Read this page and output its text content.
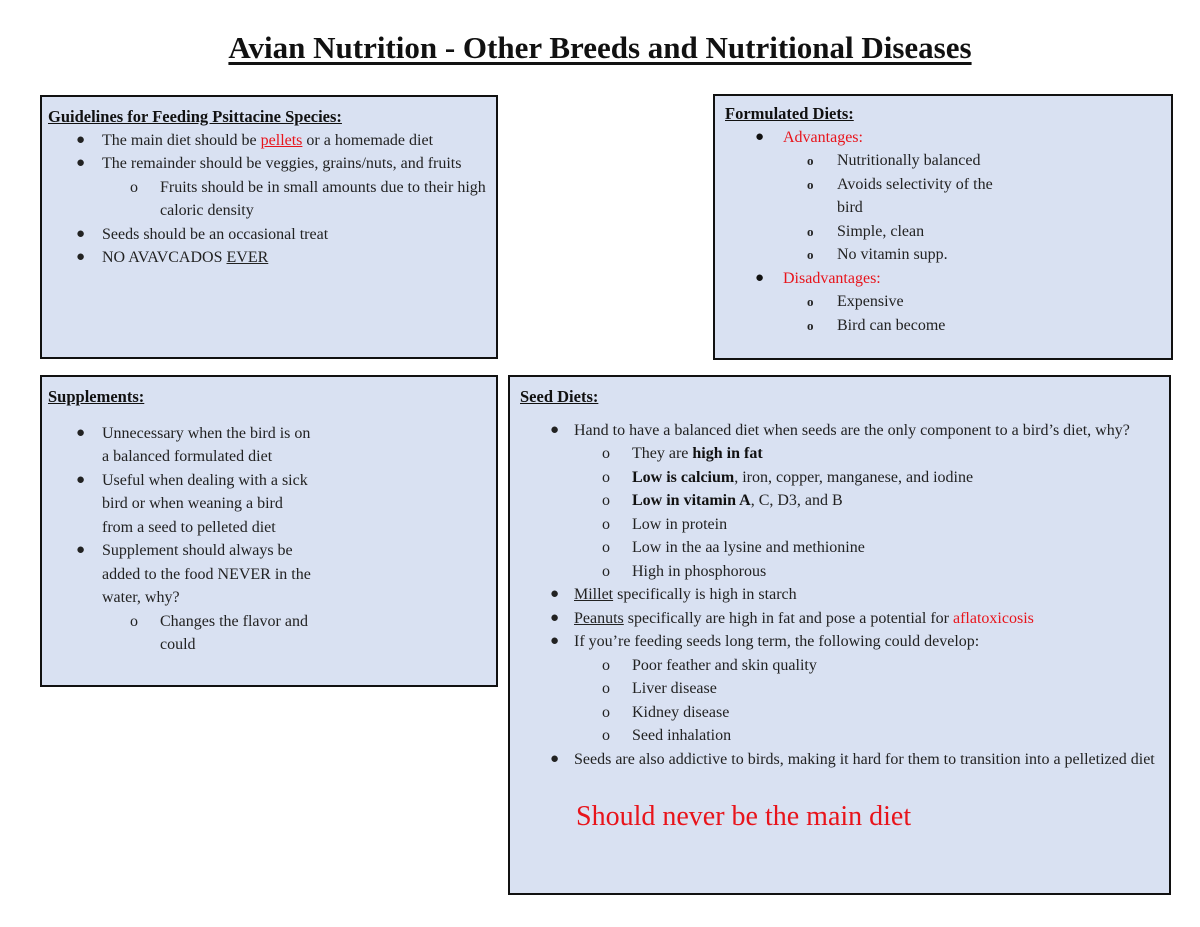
Avian Nutrition - Other Breeds and Nutritional Diseases

Guidelines for Feeding Psittacine Species:

● The main diet should be pellets or a homemade diet
● The remainder should be veggies, grains/nuts, and fruits
o Fruits should be in small amounts due to their high caloric density
● Seeds should be an occasional treat
● NO AVAVCADOS EVER

Formulated Diets:

● Advantages:
o Nutritionally balanced
o Avoids selectivity of the bird
o Simple, clean
o No vitamin supp.
● Disadvantages:
o Expensive
o Bird can become

Supplements:

● Unnecessary when the bird is on a balanced formulated diet
● Useful when dealing with a sick bird or when weaning a bird from a seed to pelleted diet
● Supplement should always be added to the food NEVER in the water, why?
o Changes the flavor and could

Seed Diets:

● Hand to have a balanced diet when seeds are the only component to a bird’s diet, why?
o They are high in fat
o Low is calcium, iron, copper, manganese, and iodine
o Low in vitamin A, C, D3, and B
o Low in protein
o Low in the aa lysine and methionine
o High in phosphorous
● Millet specifically is high in starch
● Peanuts specifically are high in fat and pose a potential for aflatoxicosis
● If you’re feeding seeds long term, the following could develop:
o Poor feather and skin quality
o Liver disease
o Kidney disease
o Seed inhalation
● Seeds are also addictive to birds, making it hard for them to transition into a pelletized diet
Should never be the main diet
